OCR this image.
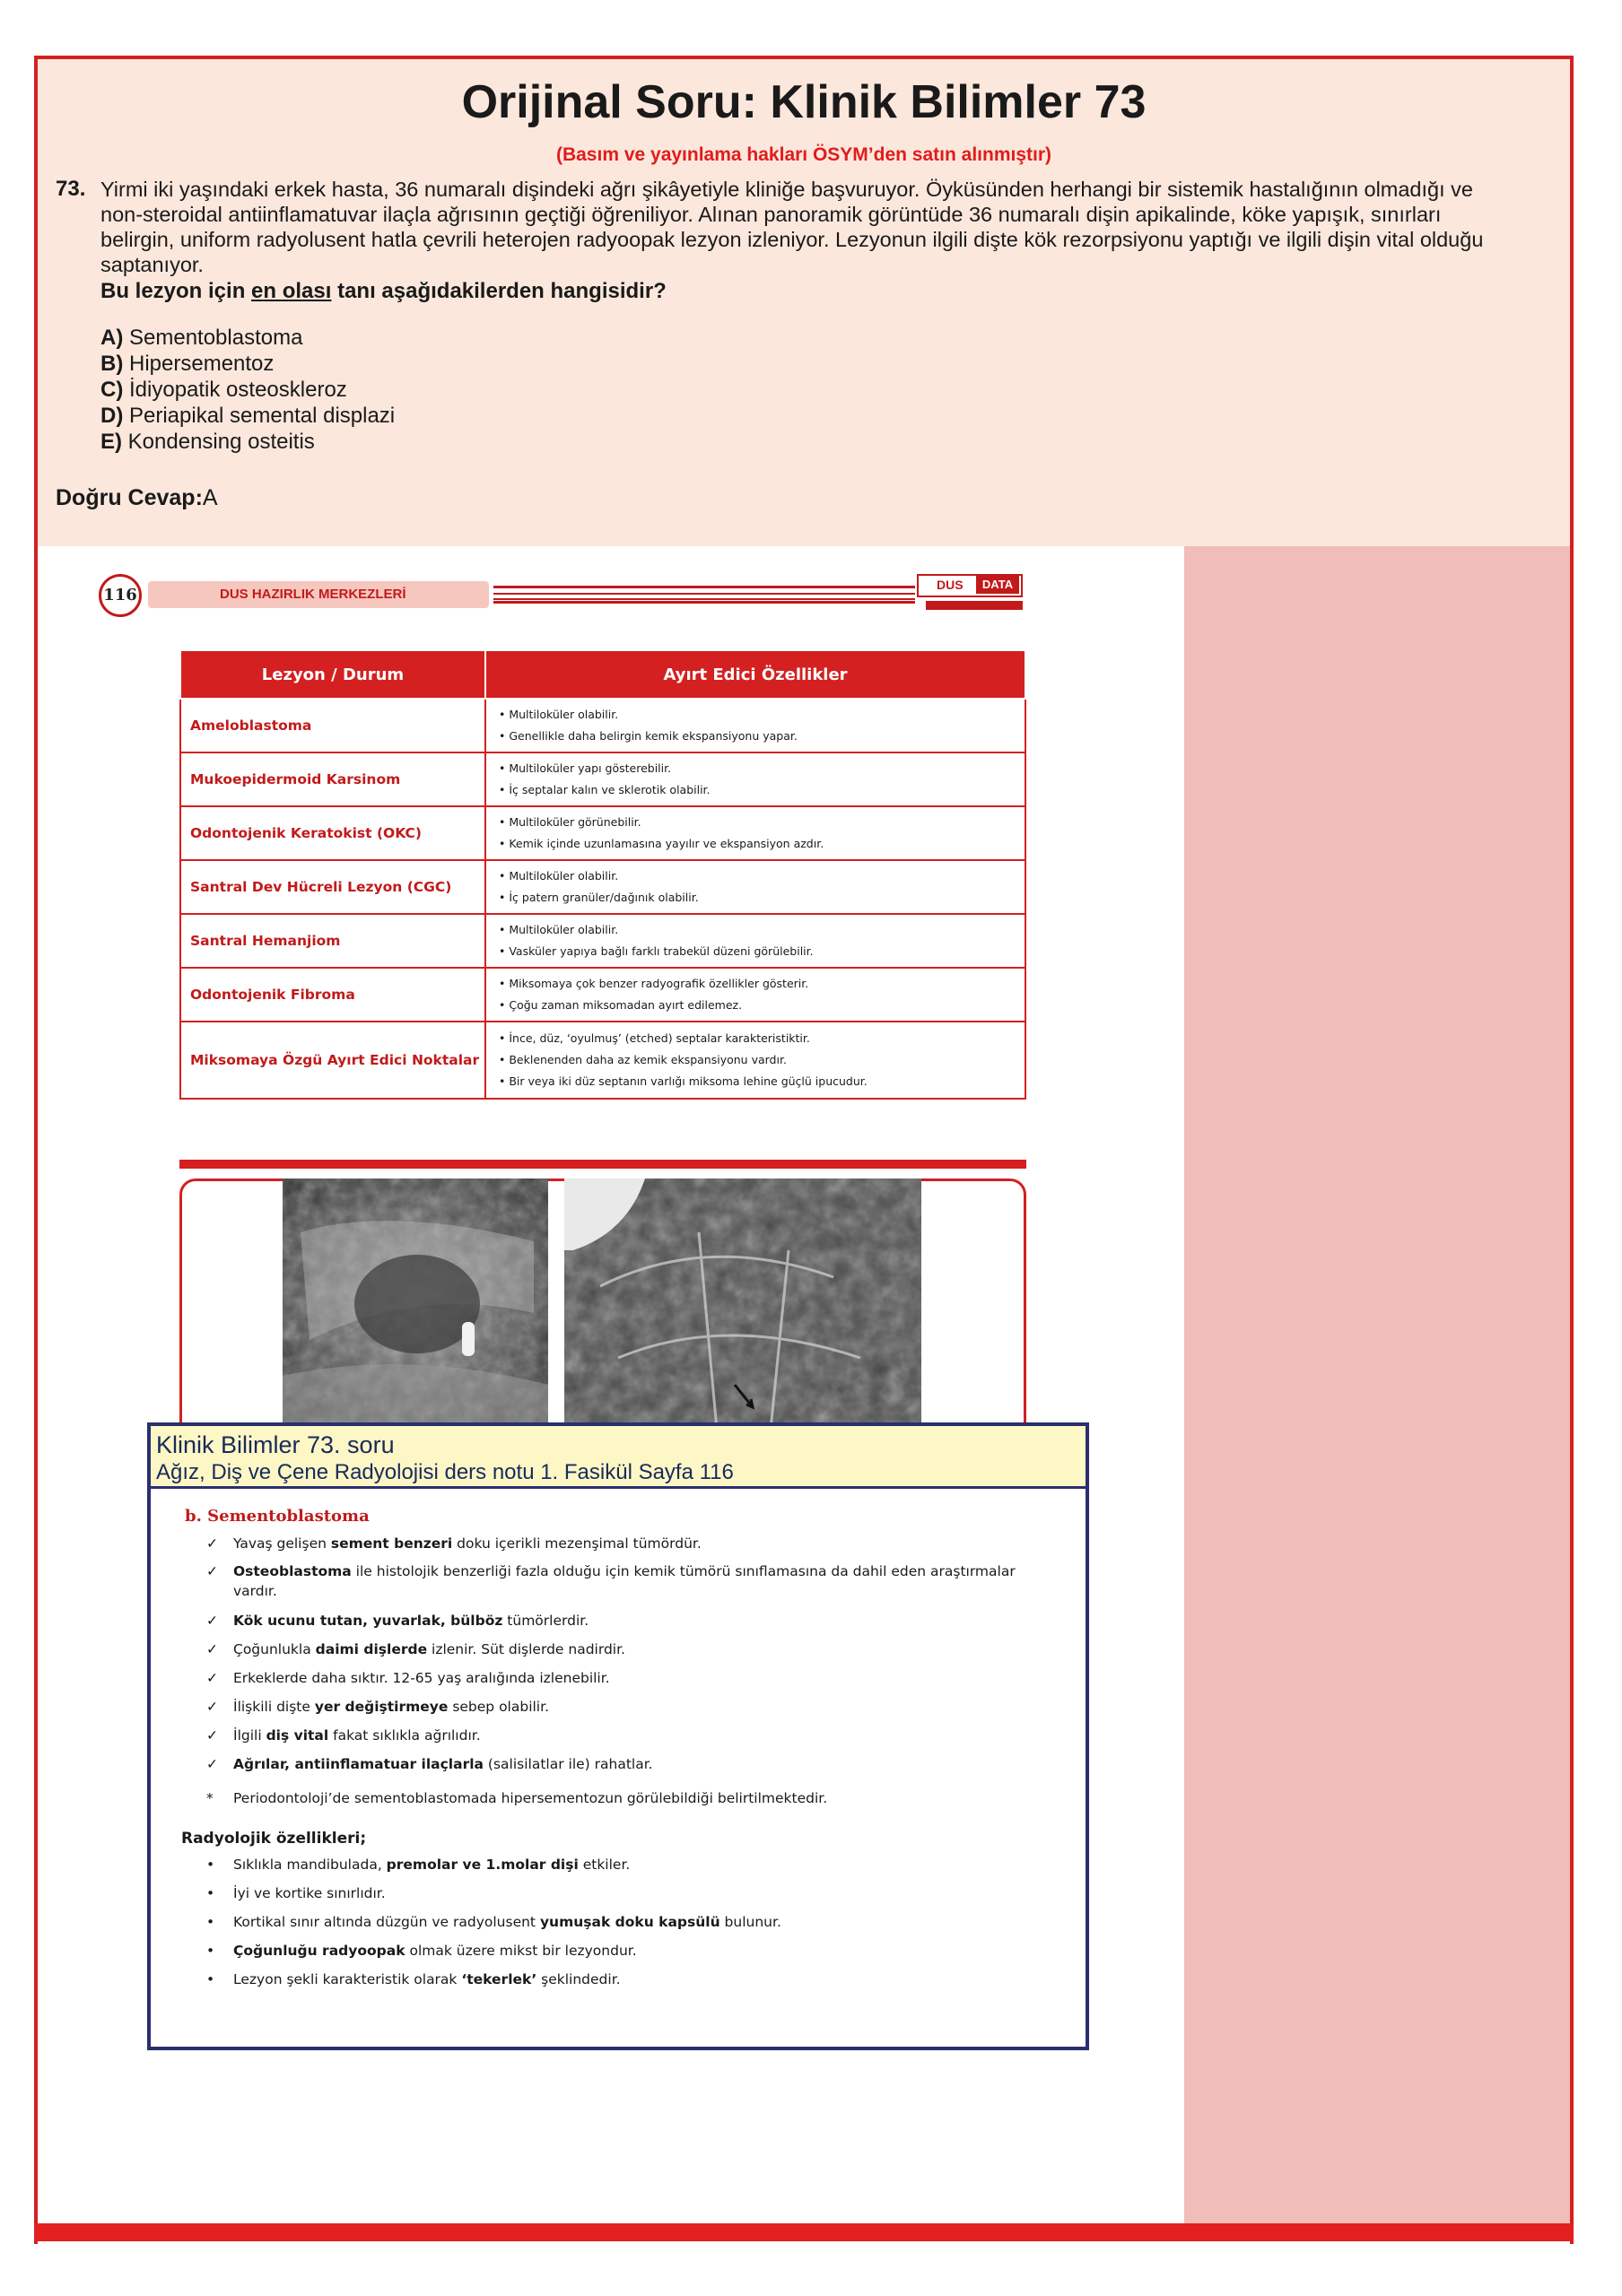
Orijinal Soru: Klinik Bilimler 73
(Basım ve yayınlama hakları ÖSYM’den satın alınmıştır)
73. Yirmi iki yaşındaki erkek hasta, 36 numaralı dişindeki ağrı şikâyetiyle kliniğe başvuruyor. Öyküsünden herhangi bir sistemik hastalığının olmadığı ve non-steroidal antiinflamatuvar ilaçla ağrısının geçtiği öğreniliyor. Alınan panoramik görüntüde 36 numaralı dişin apikalinde, köke yapışık, sınırları belirgin, uniform radyolusent hatla çevrili heterojen radyoopak lezyon izleniyor. Lezyonun ilgili dişte kök rezorpsiyonu yaptığı ve ilgili dişin vital olduğu saptanıyor.
Bu lezyon için en olası tanı aşağıdakilerden hangisidir?
A) Sementoblastoma
B) Hipersementoz
C) İdiyopatik osteoskleroz
D) Periapikal semental displazi
E) Kondensing osteitis
Doğru Cevap:A
116	DUS HAZIRLIK MERKEZLERİ
DUS	DATA
Lezyon / Durum	Ayırt Edici Özellikler
Ameloblastoma	• Multiloküler olabilir.
• Genellikle daha belirgin kemik ekspansiyonu yapar.

Mukoepidermoid Karsinom	• Multiloküler yapı gösterebilir.
• İç septalar kalın ve sklerotik olabilir.

Odontojenik Keratokist (OKC)	• Multiloküler görünebilir.
• Kemik içinde uzunlamasına yayılır ve ekspansiyon azdır.

Santral Dev Hücreli Lezyon (CGC)	• Multiloküler olabilir.
• İç patern granüler/dağınık olabilir.

Santral Hemanjiom	• Multiloküler olabilir.
• Vasküler yapıya bağlı farklı trabekül düzeni görülebilir.

Odontojenik Fibroma	• Miksomaya çok benzer radyografik özellikler gösterir.
• Çoğu zaman miksomadan ayırt edilemez.

Miksomaya Özgü Ayırt Edici Noktalar	• İnce, düz, ‘oyulmuş’ (etched) septalar karakteristiktir.
• Beklenenden daha az kemik ekspansiyonu vardır.
• Bir veya iki düz septanın varlığı miksoma lehine güçlü ipucudur.
Klinik Bilimler 73. soru
Ağız, Diş ve Çene Radyolojisi ders notu 1. Fasikül Sayfa 116
b. Sementoblastoma
✓	Yavaş gelişen sement benzeri doku içerikli mezenşimal tümördür.
✓	Osteoblastoma ile histolojik benzerliği fazla olduğu için kemik tümörü sınıflamasına da dahil eden araştırmalar vardır.
✓	Kök ucunu tutan, yuvarlak, bülböz tümörlerdir.
✓	Çoğunlukla daimi dişlerde izlenir. Süt dişlerde nadirdir.
✓	Erkeklerde daha sıktır. 12-65 yaş aralığında izlenebilir.
✓	İlişkili dişte yer değiştirmeye sebep olabilir.
✓	İlgili diş vital fakat sıklıkla ağrılıdır.
✓	Ağrılar, antiinflamatuar ilaçlarla (salisilatlar ile) rahatlar.
*	Periodontoloji’de sementoblastomada hipersementozun görülebildiği belirtilmektedir.
Radyolojik özellikleri;
•	Sıklıkla mandibulada, premolar ve 1.molar dişi etkiler.
•	İyi ve kortike sınırlıdır.
•	Kortikal sınır altında düzgün ve radyolusent yumuşak doku kapsülü bulunur.
•	Çoğunluğu radyoopak olmak üzere mikst bir lezyondur.
•	Lezyon şekli karakteristik olarak ‘tekerlek’ şeklindedir.
